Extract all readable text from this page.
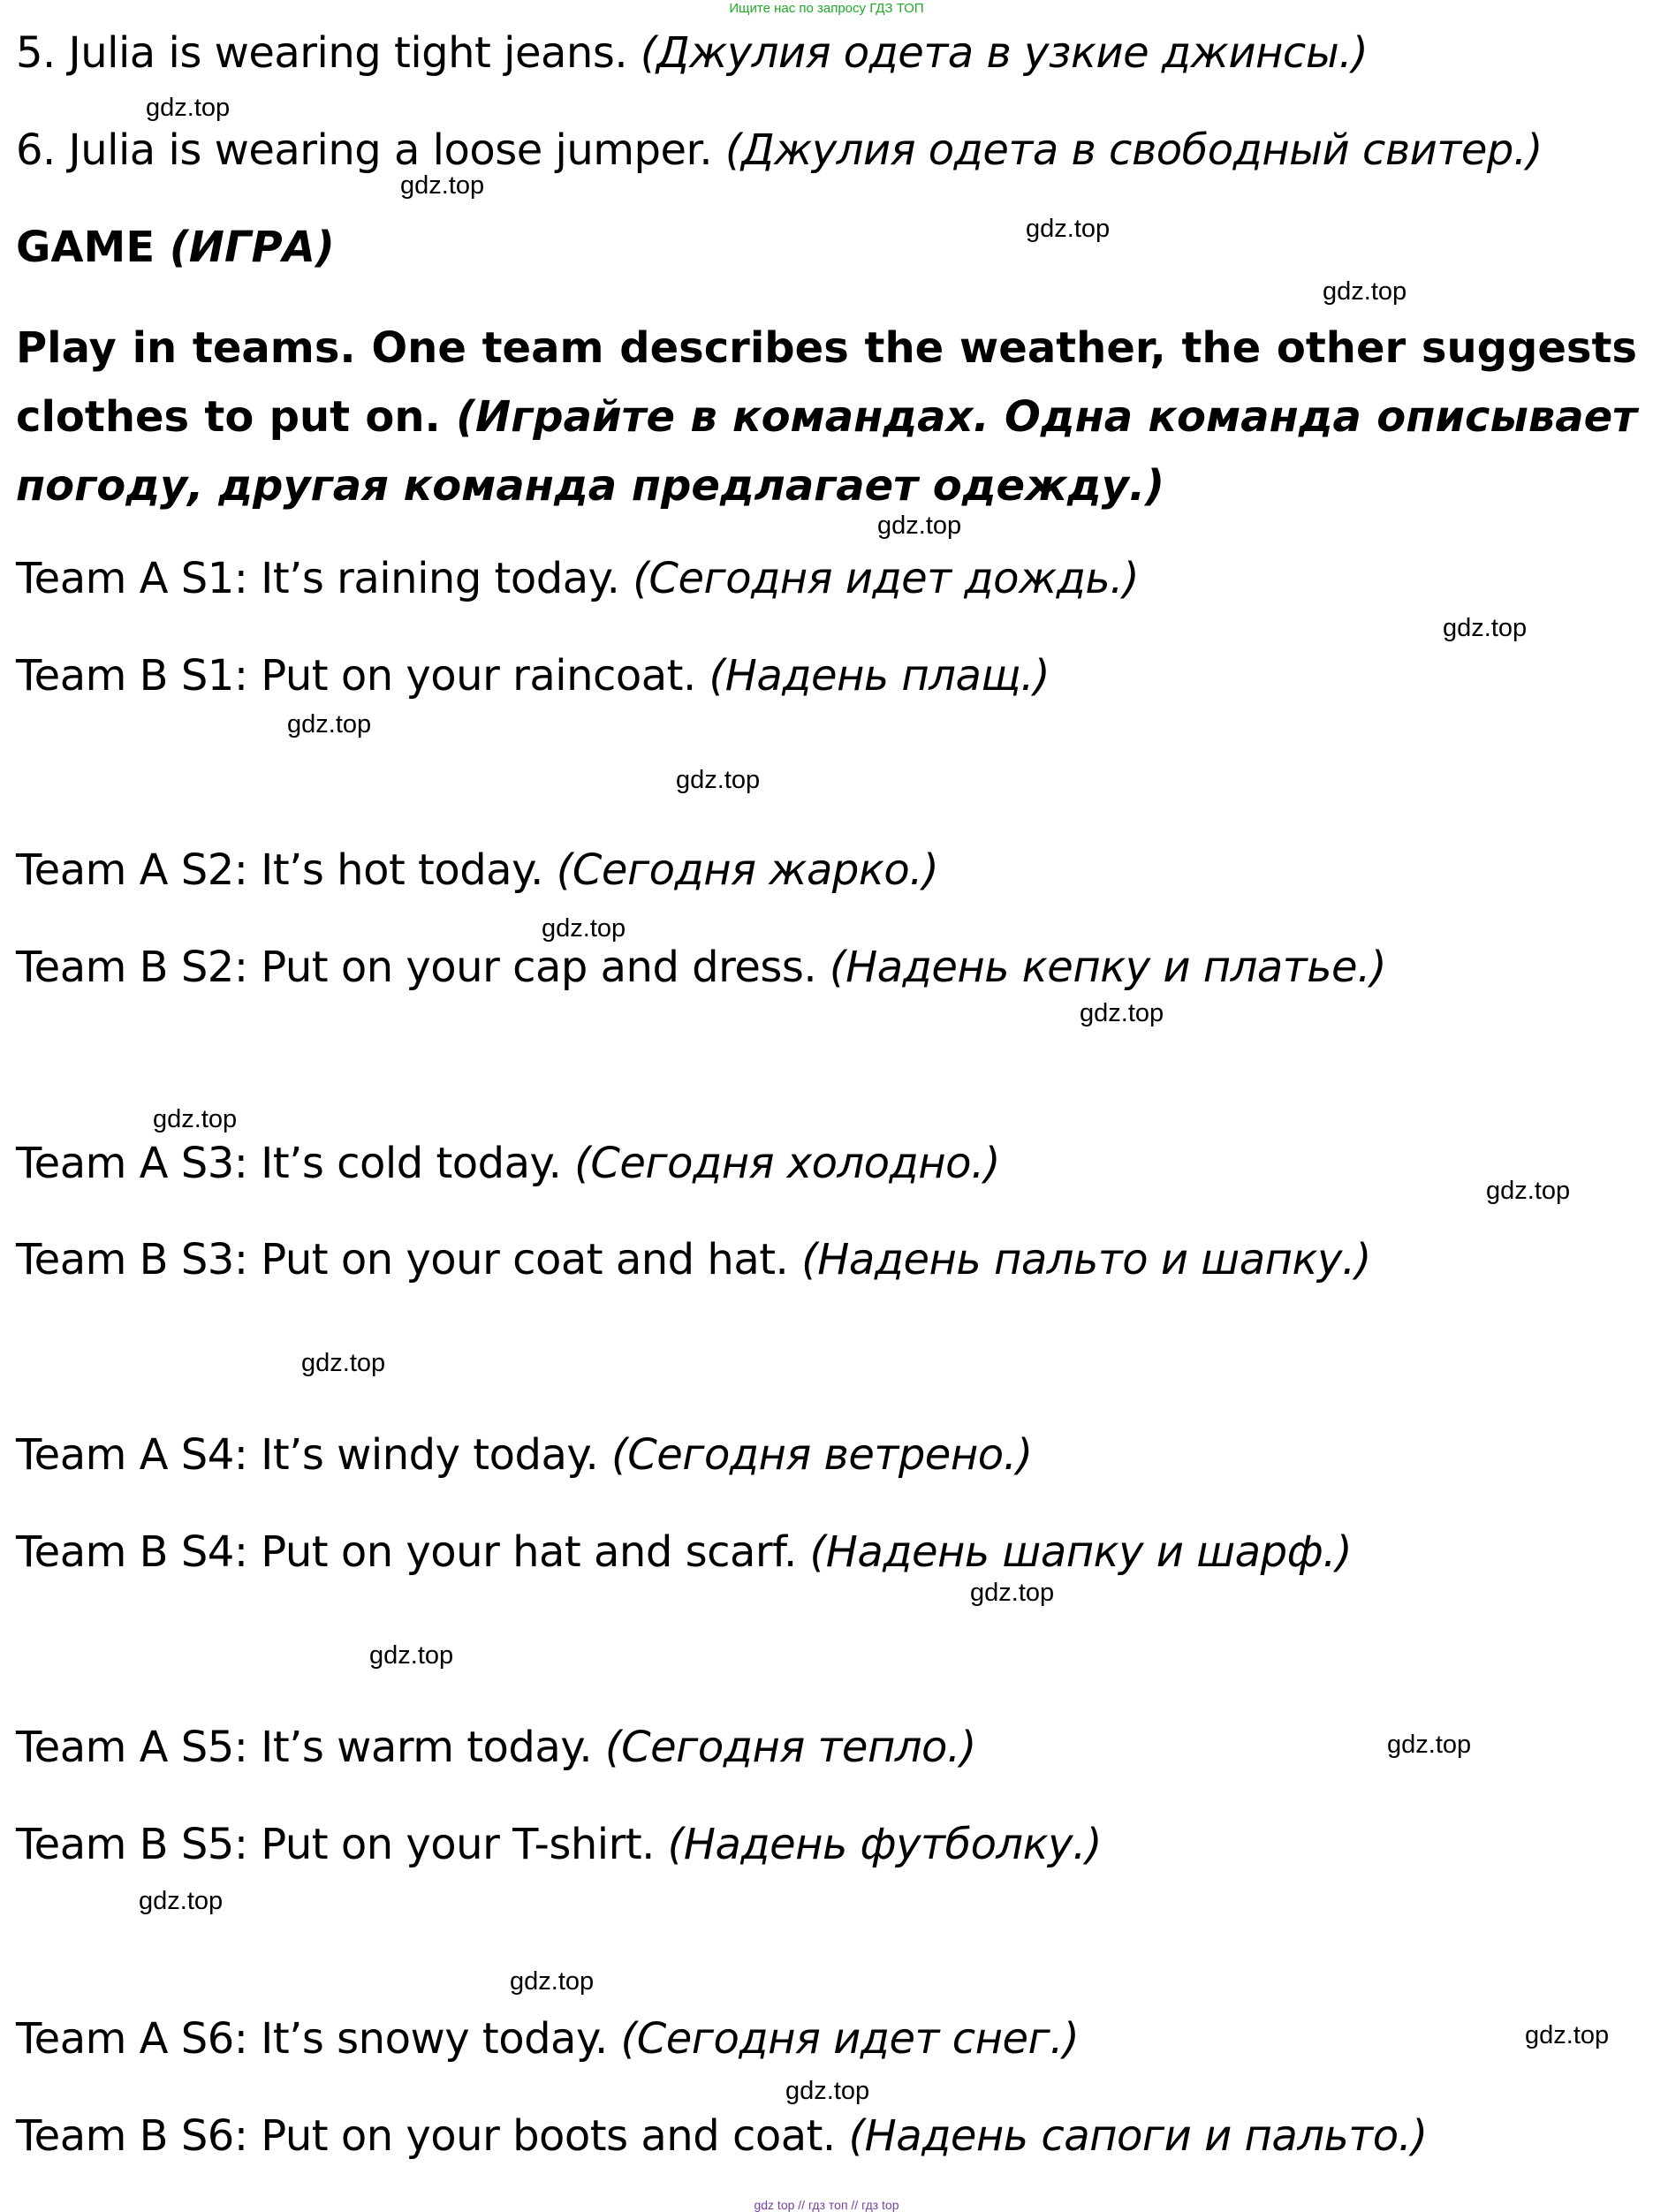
Ищите нас по запросу ГДЗ ТОП
5. Julia is wearing tight jeans. (Джулия одета в узкие джинсы.)
6. Julia is wearing a loose jumper. (Джулия одета в свободный свитер.)
GAME (ИГРА)
Play in teams. One team describes the weather, the other suggests clothes to put on. (Играйте в командах. Одна команда описывает погоду, другая команда предлагает одежду.)
Team A S1: It’s raining today. (Сегодня идет дождь.)
Team B S1: Put on your raincoat. (Надень плащ.)
Team A S2: It’s hot today. (Сегодня жарко.)
Team B S2: Put on your cap and dress. (Надень кепку и платье.)
Team A S3: It’s cold today. (Сегодня холодно.)
Team B S3: Put on your coat and hat. (Надень пальто и шапку.)
Team A S4: It’s windy today. (Сегодня ветрено.)
Team B S4: Put on your hat and scarf. (Надень шапку и шарф.)
Team A S5: It’s warm today. (Сегодня тепло.)
Team B S5: Put on your T-shirt. (Надень футболку.)
Team A S6: It’s snowy today. (Сегодня идет снег.)
Team B S6: Put on your boots and coat. (Надень сапоги и пальто.)
gdz.top
gdz.top
gdz.top
gdz.top
gdz.top
gdz.top
gdz.top
gdz.top
gdz.top
gdz.top
gdz.top
gdz.top
gdz.top
gdz.top
gdz.top
gdz.top
gdz.top
gdz.top
gdz.top
gdz.top
gdz top // гдз топ // гдз top
